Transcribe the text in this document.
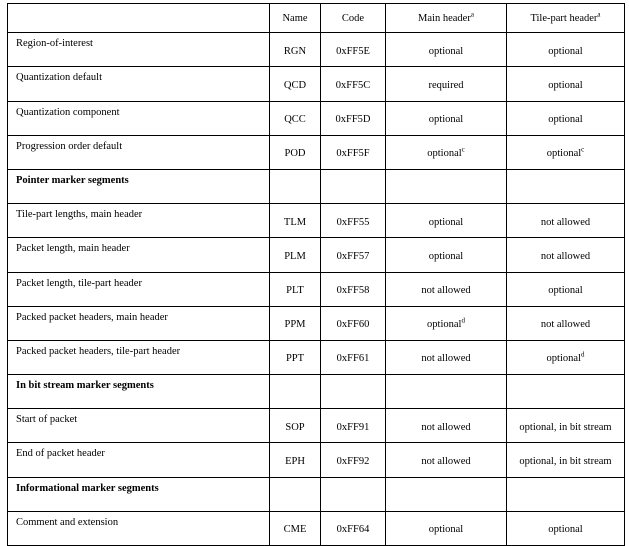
	Name	Code	Main header$^a$	Tile-part header$^a$
Region-of-interest	RGN	0xFF5E	optional	optional
Quantization default	QCD	0xFF5C	required	optional
Quantization component	QCC	0xFF5D	optional	optional
Progression order default	POD	0xFF5F	optional$^c$	optional$^c$
Pointer marker segments				
Tile-part lengths, main header	TLM	0xFF55	optional	not allowed
Packet length, main header	PLM	0xFF57	optional	not allowed
Packet length, tile-part header	PLT	0xFF58	not allowed	optional
Packed packet headers, main header	PPM	0xFF60	optional$^d$	not allowed
Packed packet headers, tile-part header	PPT	0xFF61	not allowed	optional$^d$
In bit stream marker segments				
Start of packet	SOP	0xFF91	not allowed	optional, in bit stream
End of packet header	EPH	0xFF92	not allowed	optional, in bit stream
Informational marker segments				
Comment and extension	CME	0xFF64	optional	optional
